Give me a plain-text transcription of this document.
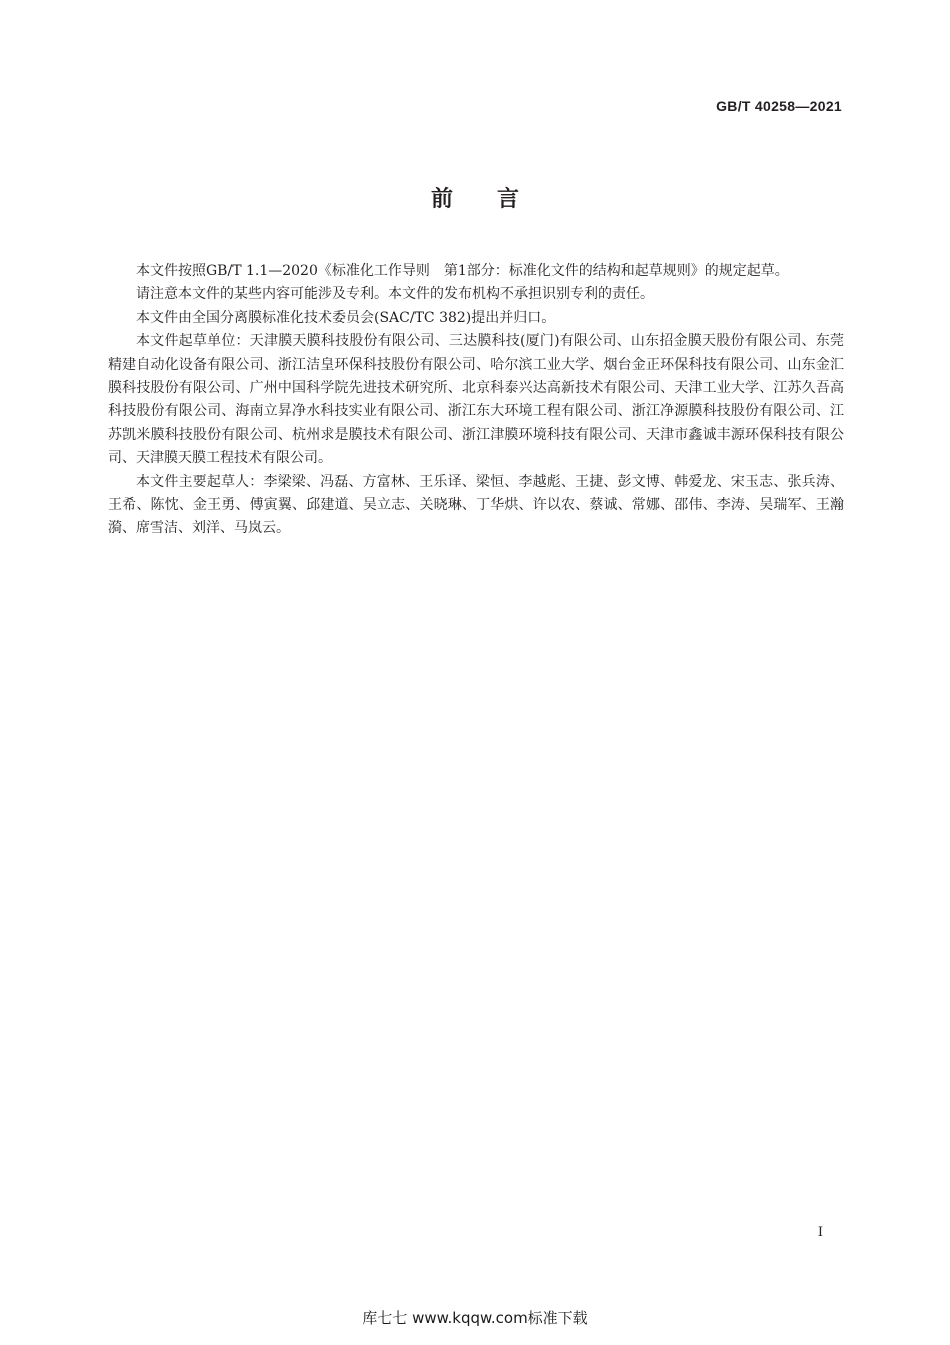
GB/T 40258—2021
前言

本文件按照GB/T 1.1—2020《标准化工作导则　第1部分：标准化文件的结构和起草规则》的规定起草。

请注意本文件的某些内容可能涉及专利。本文件的发布机构不承担识别专利的责任。

本文件由全国分离膜标准化技术委员会(SAC/TC 382)提出并归口。

本文件起草单位：天津膜天膜科技股份有限公司、三达膜科技(厦门)有限公司、山东招金膜天股份有限公司、东莞精建自动化设备有限公司、浙江洁皇环保科技股份有限公司、哈尔滨工业大学、烟台金正环保科技有限公司、山东金汇膜科技股份有限公司、广州中国科学院先进技术研究所、北京科泰兴达高新技术有限公司、天津工业大学、江苏久吾高科技股份有限公司、海南立昇净水科技实业有限公司、浙江东大环境工程有限公司、浙江净源膜科技股份有限公司、江苏凯米膜科技股份有限公司、杭州求是膜技术有限公司、浙江津膜环境科技有限公司、天津市鑫诚丰源环保科技有限公司、天津膜天膜工程技术有限公司。

本文件主要起草人：李梁梁、冯磊、方富林、王乐译、梁恒、李越彪、王捷、彭文博、韩爱龙、宋玉志、张兵涛、王希、陈忱、金王勇、傅寅翼、邱建道、吴立志、关晓琳、丁华烘、许以农、蔡诚、常娜、邵伟、李涛、吴瑞军、王瀚漪、席雪洁、刘洋、马岚云。

I
库七七 www.kqqw.com标准下载
